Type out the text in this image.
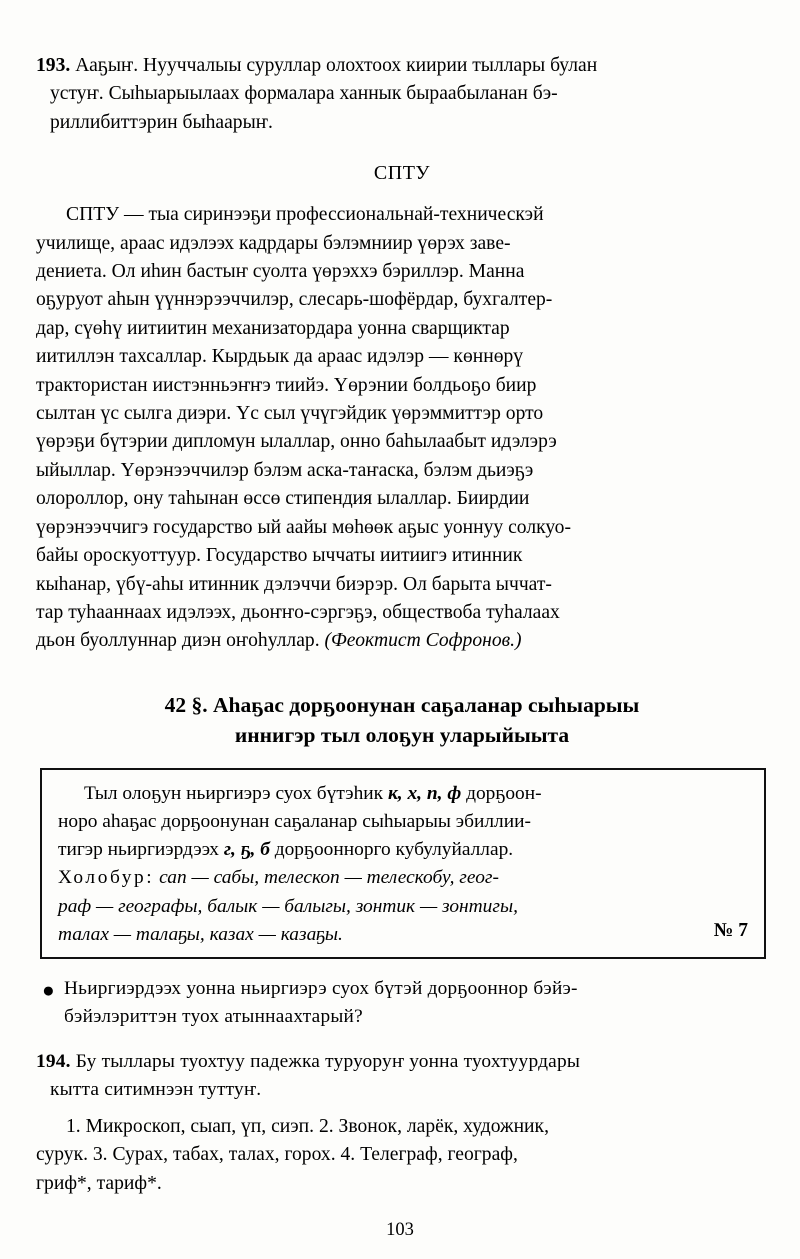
193. Ааҕыҥ. Нууччалыы суруллар олохтоох киирии тыллары булан
устуҥ. Сыһыарыылаах формалара ханнык быраабыланан бэ-
риллибиттэрин быһаарыҥ.
СПТУ
СПТУ — тыа сиринээҕи профессиональнай-техническэй
училище, араас идэлээх кадрдары бэлэмниир үөрэх заве-
дениета. Ол иһин бастыҥ суолта үөрэххэ бэриллэр. Манна
оҕуруот аһын үүннэрээччилэр, слесарь-шофёрдар, бухгалтер-
дар, сүөһү иитиитин механизатордара уонна сварщиктар
иитиллэн тахсаллар. Кырдьык да араас идэлэр — көннөрү
трактористан иистэнньэҥҥэ тиийэ. Үөрэнии болдьоҕо биир
сылтан үс сылга диэри. Үс сыл үчүгэйдик үөрэммиттэр орто
үөрэҕи бүтэрии дипломун ылаллар, онно баһылаабыт идэлэрэ
ыйыллар. Үөрэнээччилэр бэлэм аска-таҥаска, бэлэм дьиэҕэ
олороллор, ону таһынан өссө стипендия ылаллар. Биирдии
үөрэнээччигэ государство ый аайы мөһөөк аҕыс уоннуу солкуо-
байы ороскуоттуур. Государство ыччаты иитиигэ итинник
кыһанар, үбү-аһы итинник дэлэччи биэрэр. Ол барыта ыччат-
тар туһааннаах идэлээх, дьоҥҥо-сэргэҕэ, обществобa туһалаах
дьон буоллуннар диэн оҥоһуллар. (Феоктист Софронов.)
42 §. Аһаҕас дорҕоонунан саҕаланар сыһыарыы
иннигэр тыл олоҕун уларыйыыта

Тыл олоҕун ньиргиэрэ суох бүтэһик к, х, п, ф дорҕоон-

норо аһаҕас дорҕоонунан саҕаланар сыһыарыы эбиллии-

тигэр ньиргиэрдээх г, ҕ, б дорҕооннорго кубулуйаллар.

Холобур: сап — сабы, телескоп — телескобу, геог-

раф — географы, балык — балыгы, зонтик — зонтигы,

талах — талаҕы, казах — казаҕы.	№ 7

● Ньиргиэрдээх уонна ньиргиэрэ суох бүтэй дорҕооннор бэйэ-
бэйэлэриттэн туох атыннаахтарый?
194. Бу тыллары туохтуу падежка туруоруҥ уонна туохтуурдары
кытта ситимнээн туттуҥ.
1. Микроскоп, сыап, үп, сиэп. 2. Звонок, ларёк, художник,
сурук. 3. Сурах, табах, талах, горох. 4. Телеграф, географ,
гриф*, тариф*.
103
